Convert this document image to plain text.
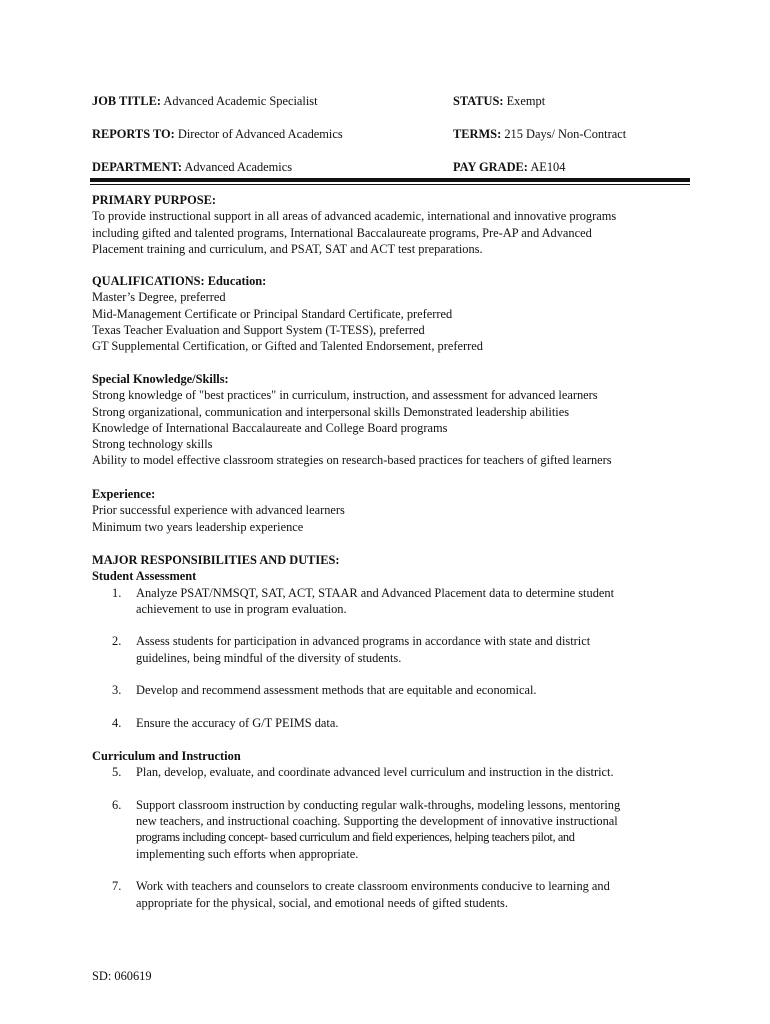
JOB TITLE: Advanced Academic Specialist	STATUS: Exempt
REPORTS TO: Director of Advanced Academics	TERMS: 215 Days/ Non-Contract
DEPARTMENT: Advanced Academics	PAY GRADE: AE104
PRIMARY PURPOSE:
To provide instructional support in all areas of advanced academic, international and innovative programs
including gifted and talented programs, International Baccalaureate programs, Pre-AP and Advanced
Placement training and curriculum, and PSAT, SAT and ACT test preparations.
QUALIFICATIONS: Education:
Master’s Degree, preferred
Mid-Management Certificate or Principal Standard Certificate, preferred
Texas Teacher Evaluation and Support System (T-TESS), preferred
GT Supplemental Certification, or Gifted and Talented Endorsement, preferred
Special Knowledge/Skills:
Strong knowledge of "best practices" in curriculum, instruction, and assessment for advanced learners
Strong organizational, communication and interpersonal skills Demonstrated leadership abilities
Knowledge of International Baccalaureate and College Board programs
Strong technology skills
Ability to model effective classroom strategies on research-based practices for teachers of gifted learners
Experience:
Prior successful experience with advanced learners
Minimum two years leadership experience
MAJOR RESPONSIBILITIES AND DUTIES:
Student Assessment
1. Analyze PSAT/NMSQT, SAT, ACT, STAAR and Advanced Placement data to determine student
achievement to use in program evaluation.
2. Assess students for participation in advanced programs in accordance with state and district
guidelines, being mindful of the diversity of students.
3. Develop and recommend assessment methods that are equitable and economical.
4. Ensure the accuracy of G/T PEIMS data.
Curriculum and Instruction
5. Plan, develop, evaluate, and coordinate advanced level curriculum and instruction in the district.
6. Support classroom instruction by conducting regular walk-throughs, modeling lessons, mentoring
new teachers, and instructional coaching. Supporting the development of innovative instructional
programs including concept- based curriculum and field experiences, helping teachers pilot, and
implementing such efforts when appropriate.
7. Work with teachers and counselors to create classroom environments conducive to learning and
appropriate for the physical, social, and emotional needs of gifted students.
SD: 060619
